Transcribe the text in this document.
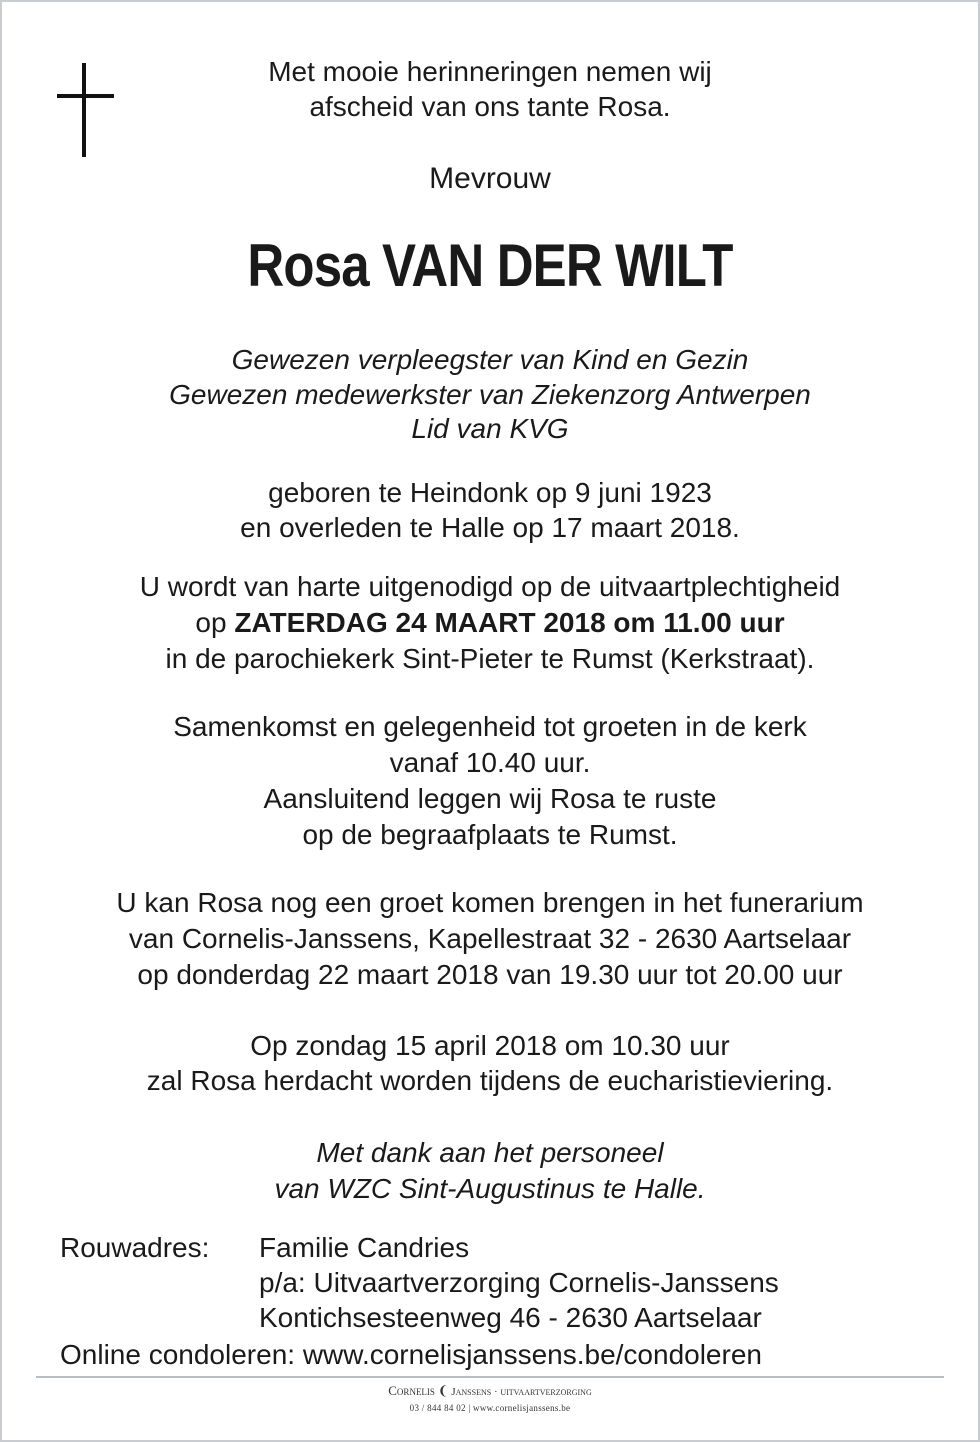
Met mooie herinneringen nemen wij
afscheid van ons tante Rosa.
Mevrouw
Rosa VAN DER WILT
Gewezen verpleegster van Kind en Gezin
Gewezen medewerkster van Ziekenzorg Antwerpen
Lid van KVG
geboren te Heindonk op 9 juni 1923
en overleden te Halle op 17 maart 2018.
U wordt van harte uitgenodigd op de uitvaartplechtigheid
op ZATERDAG 24 MAART 2018 om 11.00 uur
in de parochiekerk Sint-Pieter te Rumst (Kerkstraat).
Samenkomst en gelegenheid tot groeten in de kerk
vanaf 10.40 uur.
Aansluitend leggen wij Rosa te ruste
op de begraafplaats te Rumst.
U kan Rosa nog een groet komen brengen in het funerarium
van Cornelis-Janssens, Kapellestraat 32 - 2630 Aartselaar
op donderdag 22 maart 2018 van 19.30 uur tot 20.00 uur
Op zondag 15 april 2018 om 10.30 uur
zal Rosa herdacht worden tijdens de eucharistieviering.
Met dank aan het personeel
van WZC Sint-Augustinus te Halle.
Rouwadres:	Familie Candries
p/a: Uitvaartverzorging Cornelis-Janssens
Kontichsesteenweg 46 - 2630 Aartselaar
Online condoleren: www.cornelisjanssens.be/condoleren
Cornelis ❨ Janssens · uitvaartverzorging
03 / 844 84 02 | www.cornelisjanssens.be
